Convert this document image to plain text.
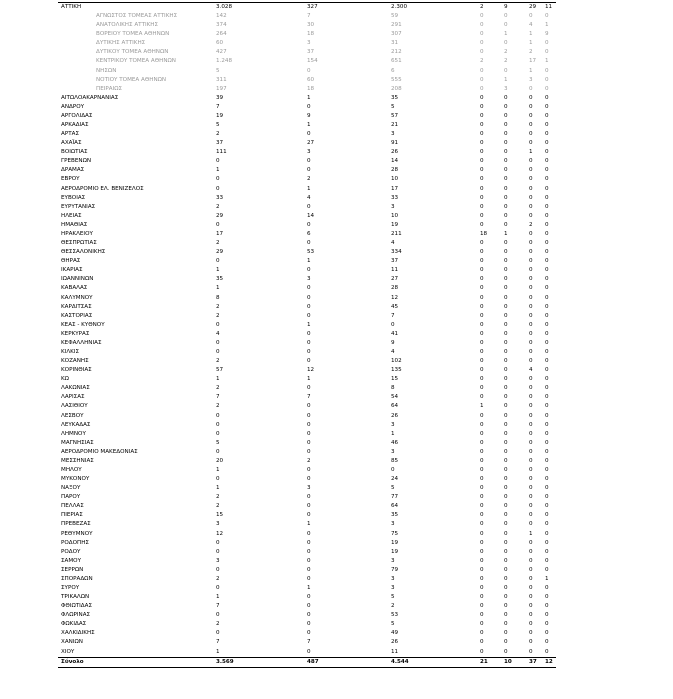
ΑΤΤΙΚΗ	3.028	327	2.300	2	9	29 11
ΑΓΝΩΣΤΟΣ ΤΟΜΕΑΣ ΑΤΤΙΚΗΣ	142	7	59	0	0	0 0
ΑΝΑΤΟΛΙΚΗΣ ΑΤΤΙΚΗΣ	374	30	291	0	0	4 1
ΒΟΡΕΙΟΥ ΤΟΜΕΑ ΑΘΗΝΩΝ	264	18	307	0	1	1 9
ΔΥΤΙΚΗΣ ΑΤΤΙΚΗΣ	60	3	31	0	0	1 0
ΔΥΤΙΚΟΥ ΤΟΜΕΑ ΑΘΗΝΩΝ	427	37	212	0	2	2 0
ΚΕΝΤΡΙΚΟΥ ΤΟΜΕΑ ΑΘΗΝΩΝ	1.248	154	651	2	2	17 1
ΝΗΣΩΝ	5	0	6	0	0	1 0
ΝΟΤΙΟΥ ΤΟΜΕΑ ΑΘΗΝΩΝ	311	60	555	0	1	3 0
ΠΕΙΡΑΙΩΣ	197	18	208	0	3	0 0
ΑΙΤΩΛΟΑΚΑΡΝΑΝΙΑΣ	39	1	35	0	0	0 0
ΑΝΔΡΟΥ	7	0	5	0	0	0 0
ΑΡΓΟΛΙΔΑΣ	19	9	57	0	0	0 0
ΑΡΚΑΔΙΑΣ	5	1	21	0	0	0 0
ΑΡΤΑΣ	2	0	3	0	0	0 0
ΑΧΑΪΑΣ	37	27	91	0	0	0 0
ΒΟΙΩΤΙΑΣ	111	3	26	0	0	1 0
ΓΡΕΒΕΝΩΝ	0	0	14	0	0	0 0
ΔΡΑΜΑΣ	1	0	28	0	0	0 0
ΕΒΡΟΥ	0	2	10	0	0	0 0
ΑΕΡΟΔΡΟΜΙΟ ΕΛ. ΒΕΝΙΖΕΛΟΣ	0	1	17	0	0	0 0
ΕΥΒΟΙΑΣ	33	4	33	0	0	0 0
ΕΥΡΥΤΑΝΙΑΣ	2	0	3	0	0	0 0
ΗΛΕΙΑΣ	29	14	10	0	0	0 0
ΗΜΑΘΙΑΣ	0	0	19	0	0	2 0
ΗΡΑΚΛΕΙΟΥ	17	6	211	18	1	0 0
ΘΕΣΠΡΩΤΙΑΣ	2	0	4	0	0	0 0
ΘΕΣΣΑΛΟΝΙΚΗΣ	29	53	334	0	0	0 0
ΘΗΡΑΣ	0	1	37	0	0	0 0
ΙΚΑΡΙΑΣ	1	0	11	0	0	0 0
ΙΩΑΝΝΙΝΩΝ	35	3	27	0	0	0 0
ΚΑΒΑΛΑΣ	1	0	28	0	0	0 0
ΚΑΛΥΜΝΟΥ	8	0	12	0	0	0 0
ΚΑΡΔΙΤΣΑΣ	2	0	45	0	0	0 0
ΚΑΣΤΟΡΙΑΣ	2	0	7	0	0	0 0
ΚΕΑΣ - ΚΥΘΝΟΥ	0	1	0	0	0	0 0
ΚΕΡΚΥΡΑΣ	4	0	41	0	0	0 0
ΚΕΦΑΛΛΗΝΙΑΣ	0	0	9	0	0	0 0
ΚΙΛΚΙΣ	0	0	4	0	0	0 0
ΚΟΖΑΝΗΣ	2	0	102	0	0	0 0
ΚΟΡΙΝΘΙΑΣ	57	12	135	0	0	4 0
ΚΩ	1	1	15	0	0	0 0
ΛΑΚΩΝΙΑΣ	2	0	8	0	0	0 0
ΛΑΡΙΣΑΣ	7	7	54	0	0	0 0
ΛΑΣΙΘΙΟΥ	2	0	64	1	0	0 0
ΛΕΣΒΟΥ	0	0	26	0	0	0 0
ΛΕΥΚΑΔΑΣ	0	0	3	0	0	0 0
ΛΗΜΝΟΥ	0	0	1	0	0	0 0
ΜΑΓΝΗΣΙΑΣ	5	0	46	0	0	0 0
ΑΕΡΟΔΡΟΜΙΟ ΜΑΚΕΔΟΝΙΑΣ	0	0	3	0	0	0 0
ΜΕΣΣΗΝΙΑΣ	20	2	85	0	0	0 0
ΜΗΛΟΥ	1	0	0	0	0	0 0
ΜΥΚΟΝΟΥ	0	0	24	0	0	0 0
ΝΑΞΟΥ	1	3	5	0	0	0 0
ΠΑΡΟΥ	2	0	77	0	0	0 0
ΠΕΛΛΑΣ	2	0	64	0	0	0 0
ΠΙΕΡΙΑΣ	15	0	35	0	0	0 0
ΠΡΕΒΕΖΑΣ	3	1	3	0	0	0 0
ΡΕΘΥΜΝΟΥ	12	0	75	0	0	1 0
ΡΟΔΟΠΗΣ	0	0	19	0	0	0 0
ΡΟΔΟΥ	0	0	19	0	0	0 0
ΣΑΜΟΥ	3	0	3	0	0	0 0
ΣΕΡΡΩΝ	0	0	79	0	0	0 0
ΣΠΟΡΑΔΩΝ	2	0	3	0	0	0 1
ΣΥΡΟΥ	0	1	3	0	0	0 0
ΤΡΙΚΑΛΩΝ	1	0	5	0	0	0 0
ΦΘΙΩΤΙΔΑΣ	7	0	2	0	0	0 0
ΦΛΩΡΙΝΑΣ	0	0	53	0	0	0 0
ΦΩΚΙΔΑΣ	2	0	5	0	0	0 0
ΧΑΛΚΙΔΙΚΗΣ	0	0	49	0	0	0 0
ΧΑΝΙΩΝ	7	7	26	0	0	0 0
ΧΙΟΥ	1	0	11	0	0	0 0
Σύνολο	3.569	487	4.544	21	10	37 12
